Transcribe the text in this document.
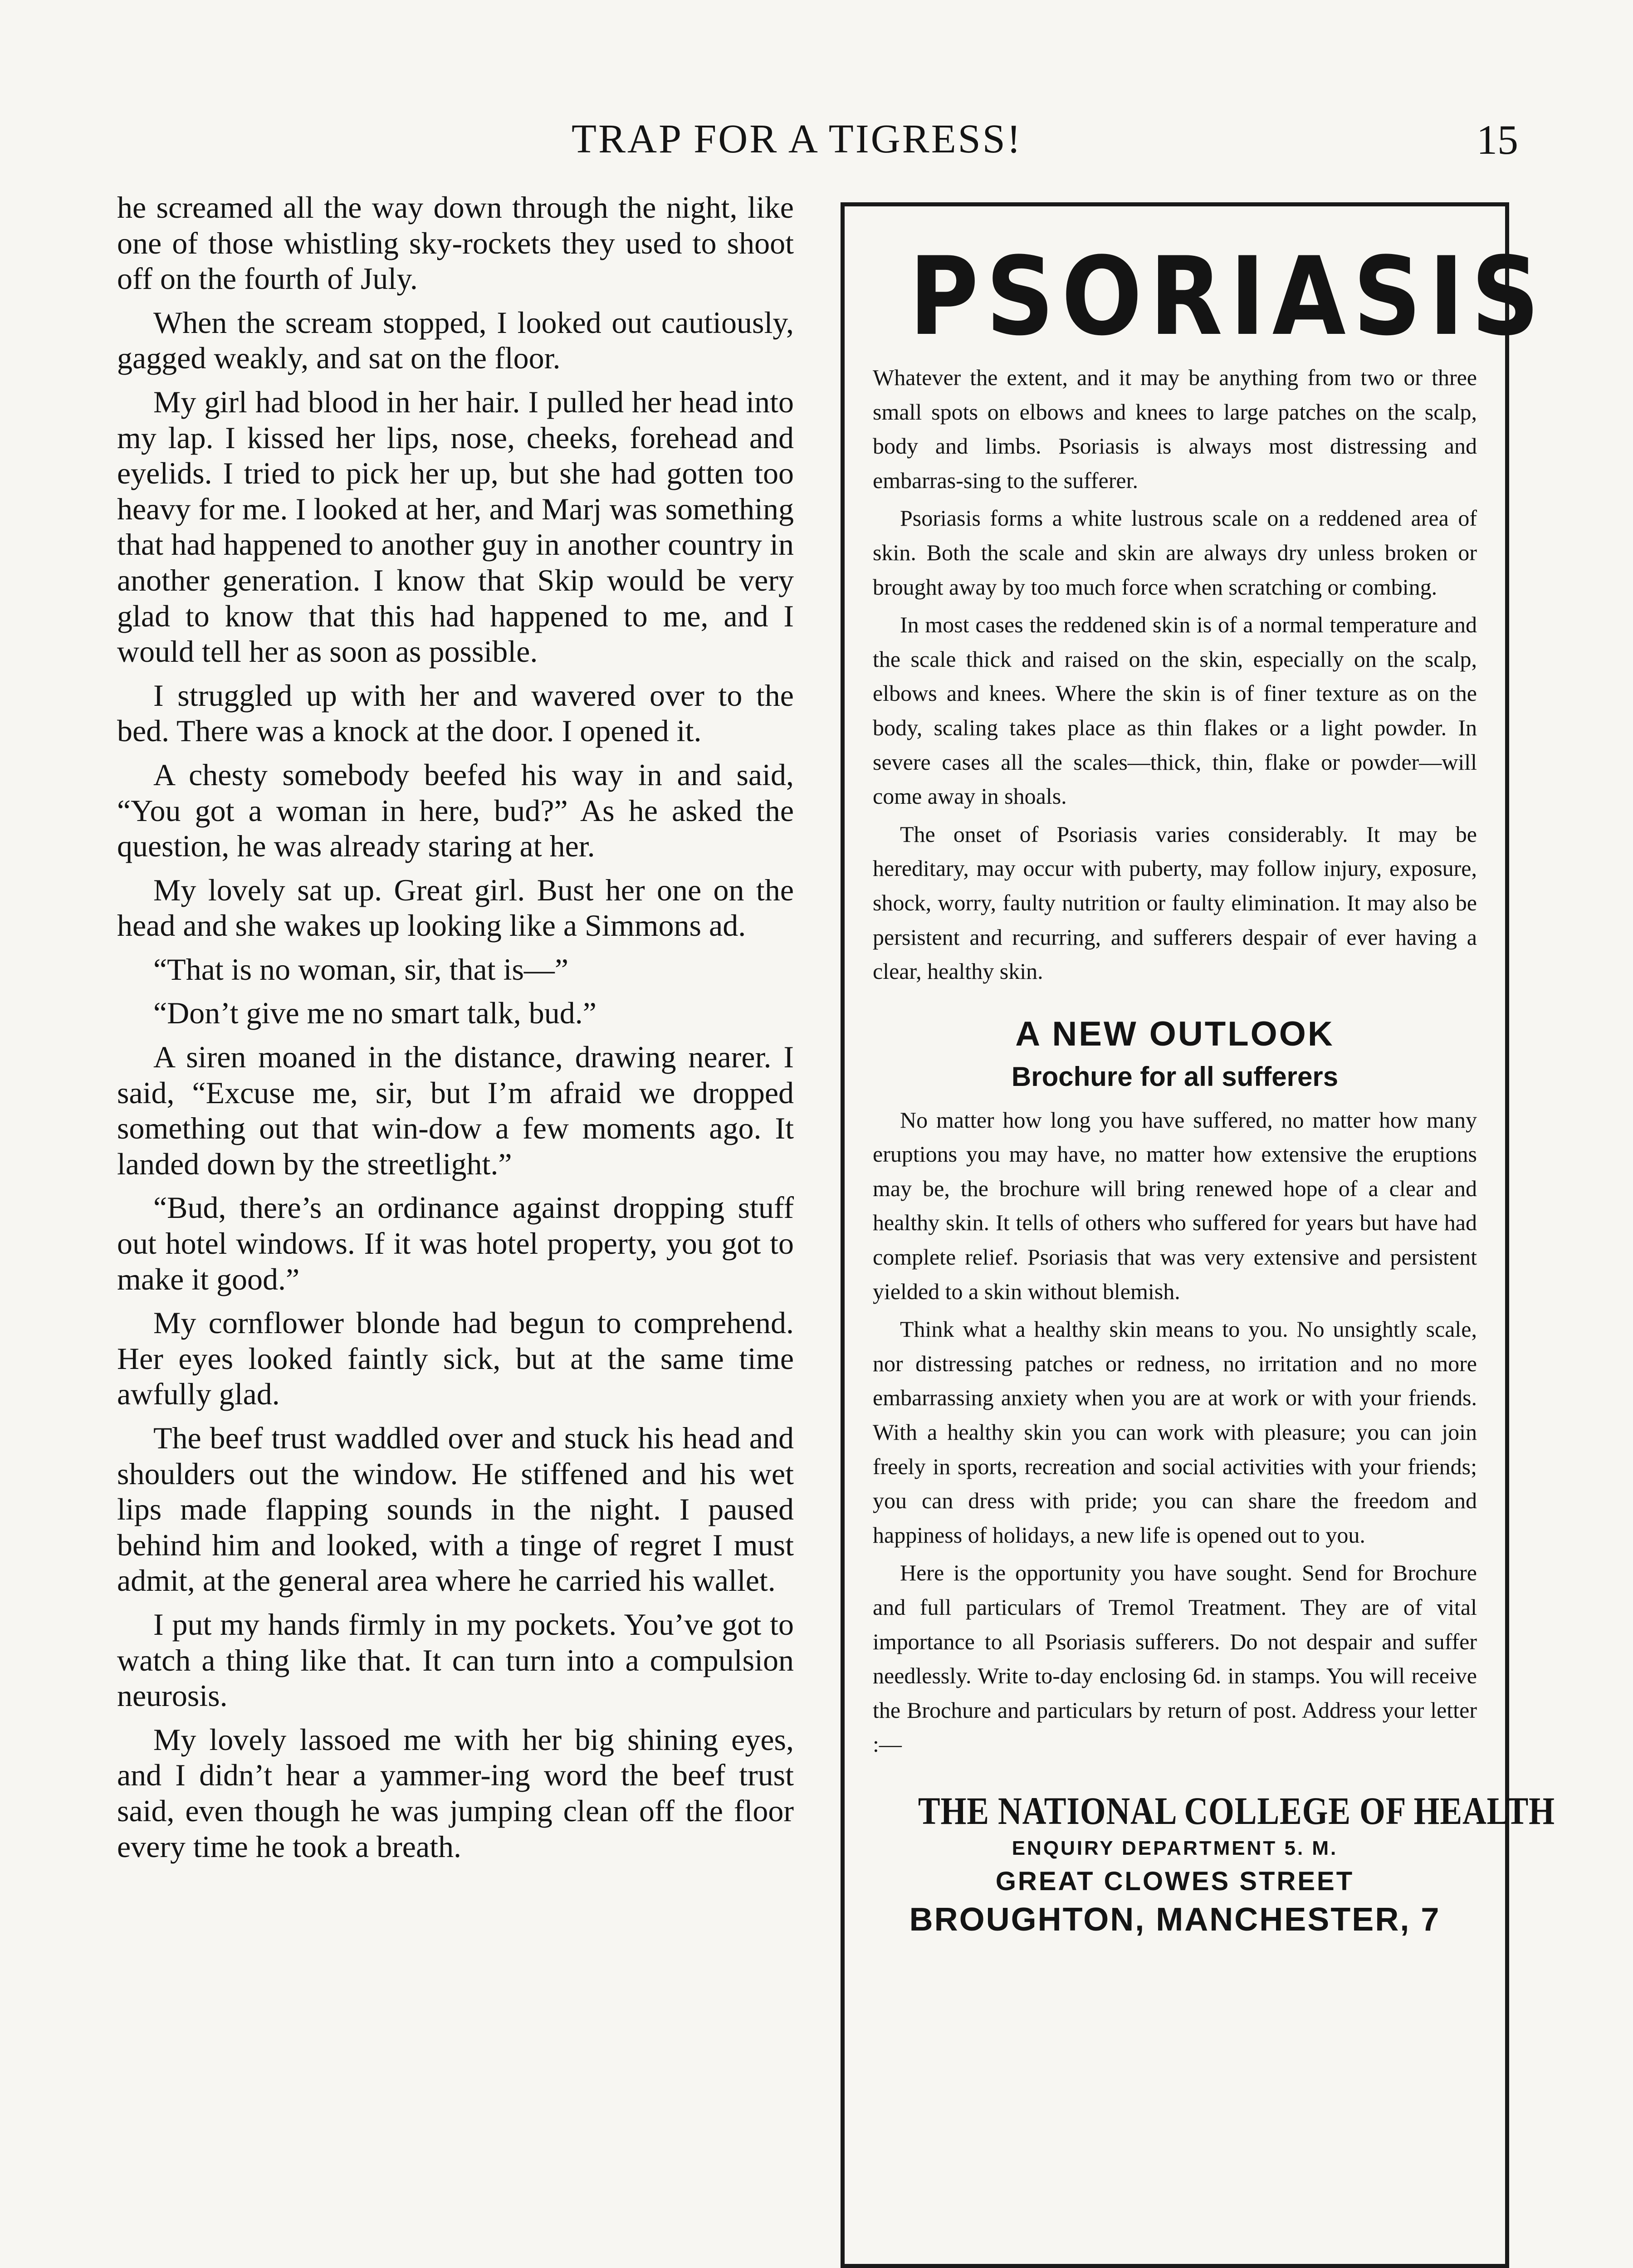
TRAP FOR A TIGRESS!	15

he screamed all the way down through the night, like one of those whistling sky-rockets they used to shoot off on the fourth of July.

When the scream stopped, I looked out cautiously, gagged weakly, and sat on the floor.

My girl had blood in her hair. I pulled her head into my lap. I kissed her lips, nose, cheeks, forehead and eyelids. I tried to pick her up, but she had gotten too heavy for me. I looked at her, and Marj was something that had happened to another guy in another country in another generation. I know that Skip would be very glad to know that this had happened to me, and I would tell her as soon as possible.

I struggled up with her and wavered over to the bed. There was a knock at the door. I opened it.

A chesty somebody beefed his way in and said, “You got a woman in here, bud?” As he asked the question, he was already staring at her.

My lovely sat up. Great girl. Bust her one on the head and she wakes up looking like a Simmons ad.

“That is no woman, sir, that is—”

“Don’t give me no smart talk, bud.”

A siren moaned in the distance, drawing nearer. I said, “Excuse me, sir, but I’m afraid we dropped something out that win-dow a few moments ago. It landed down by the streetlight.”

“Bud, there’s an ordinance against dropping stuff out hotel windows. If it was hotel property, you got to make it good.”

My cornflower blonde had begun to comprehend. Her eyes looked faintly sick, but at the same time awfully glad.

The beef trust waddled over and stuck his head and shoulders out the window. He stiffened and his wet lips made flapping sounds in the night. I paused behind him and looked, with a tinge of regret I must admit, at the general area where he carried his wallet.

I put my hands firmly in my pockets. You’ve got to watch a thing like that. It can turn into a compulsion neurosis.

My lovely lassoed me with her big shining eyes, and I didn’t hear a yammer-ing word the beef trust said, even though he was jumping clean off the floor every time he took a breath.

PSORIASIS

Whatever the extent, and it may be anything from two or three small spots on elbows and knees to large patches on the scalp, body and limbs. Psoriasis is always most distressing and embarras-sing to the sufferer.

Psoriasis forms a white lustrous scale on a reddened area of skin. Both the scale and skin are always dry unless broken or brought away by too much force when scratching or combing.

In most cases the reddened skin is of a normal temperature and the scale thick and raised on the skin, especially on the scalp, elbows and knees. Where the skin is of finer texture as on the body, scaling takes place as thin flakes or a light powder. In severe cases all the scales—thick, thin, flake or powder—will come away in shoals.

The onset of Psoriasis varies considerably. It may be hereditary, may occur with puberty, may follow injury, exposure, shock, worry, faulty nutrition or faulty elimination. It may also be persistent and recurring, and sufferers despair of ever having a clear, healthy skin.

A NEW OUTLOOK
Brochure for all sufferers

No matter how long you have suffered, no matter how many eruptions you may have, no matter how extensive the eruptions may be, the brochure will bring renewed hope of a clear and healthy skin. It tells of others who suffered for years but have had complete relief. Psoriasis that was very extensive and persistent yielded to a skin without blemish.

Think what a healthy skin means to you. No unsightly scale, nor distressing patches or redness, no irritation and no more embarrassing anxiety when you are at work or with your friends. With a healthy skin you can work with pleasure; you can join freely in sports, recreation and social activities with your friends; you can dress with pride; you can share the freedom and happiness of holidays, a new life is opened out to you.

Here is the opportunity you have sought. Send for Brochure and full particulars of Tremol Treatment. They are of vital importance to all Psoriasis sufferers. Do not despair and suffer needlessly. Write to-day enclosing 6d. in stamps. You will receive the Brochure and particulars by return of post. Address your letter :—

THE NATIONAL COLLEGE OF HEALTH
ENQUIRY DEPARTMENT 5. M.
GREAT CLOWES STREET
BROUGHTON, MANCHESTER, 7
